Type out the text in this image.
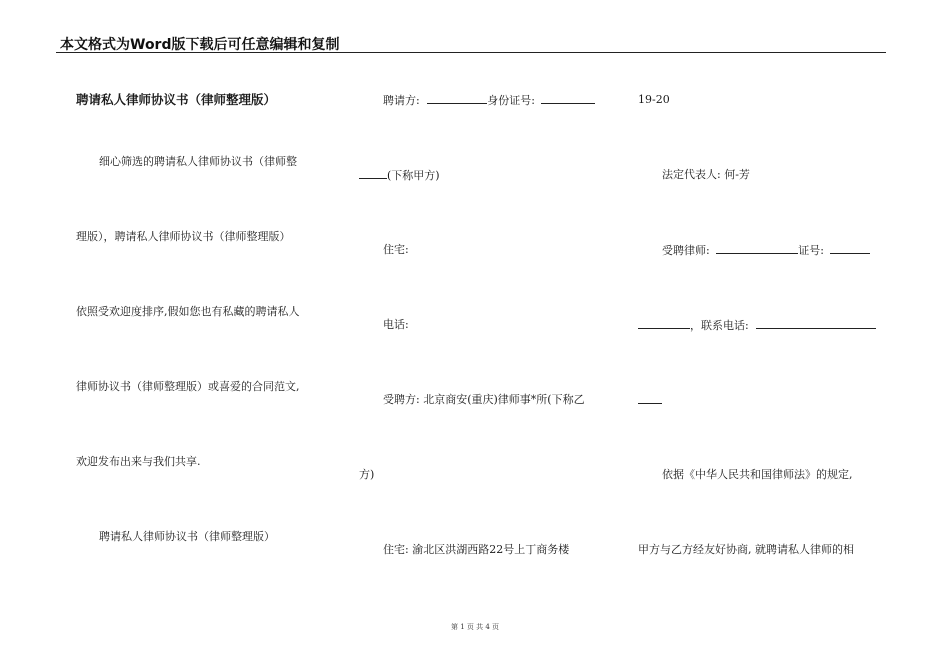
本文格式为Word版下载后可任意编辑和复制
聘请私人律师协议书（律师整理版）
细心筛选的聘请私人律师协议书（律师整
理版），聘请私人律师协议书（律师整理版）
依照受欢迎度排序,假如您也有私藏的聘请私人
律师协议书（律师整理版）或喜爱的合同范文,
欢迎发布出来与我们共享.
聘请私人律师协议书（律师整理版）
聘请方:	身份证号:
(下称甲方)
住宅:
电话:
受聘方: 北京商安(重庆)律师事*所(下称乙
方)
住宅: 渝北区洪湖西路22号上丁商务楼
19-20
法定代表人: 何-芳
受聘律师:	证号:
，联系电话:
依据《中华人民共和国律师法》的规定,
甲方与乙方经友好协商, 就聘请私人律师的相
第 1 页 共 4 页
